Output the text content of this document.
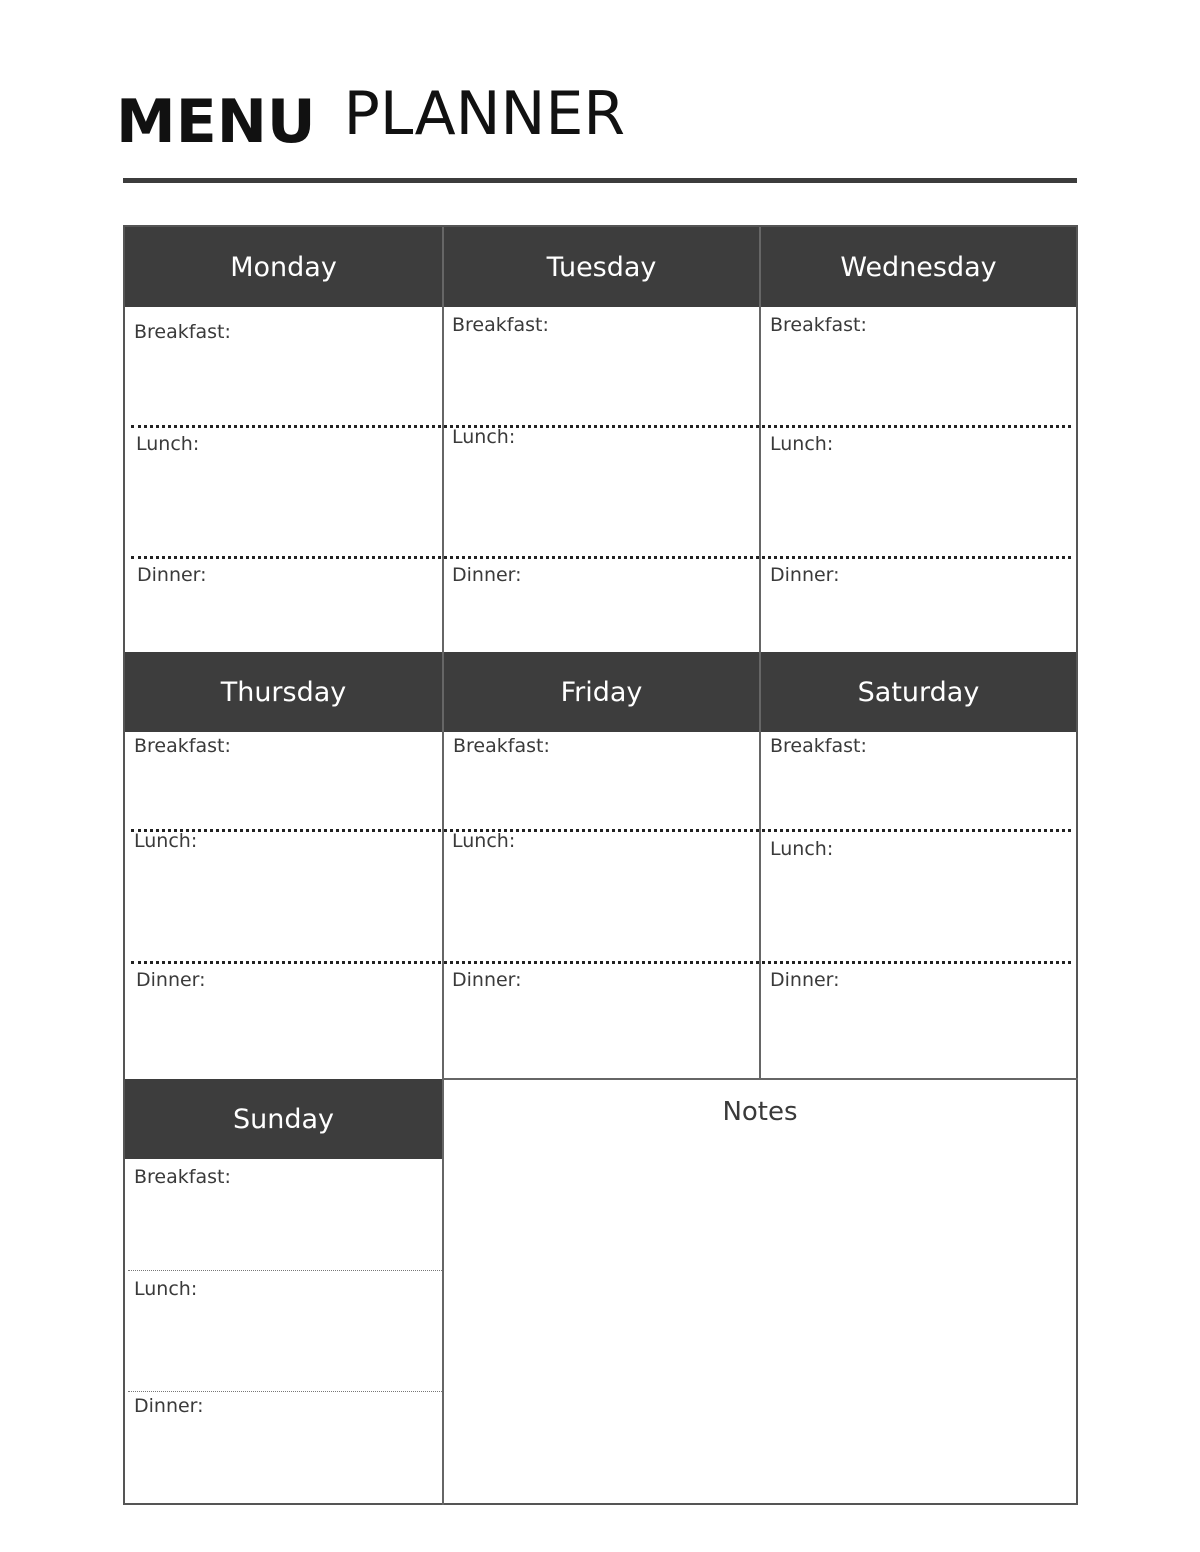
MENU PLANNER
Monday	Tuesday	Wednesday
Breakfast:	Breakfast:	Breakfast:
Lunch:	Lunch:	Lunch:
Dinner:	Dinner:	Dinner:
Thursday	Friday	Saturday
Breakfast:	Breakfast:	Breakfast:
Lunch:	Lunch:	Lunch:
Dinner:	Dinner:	Dinner:
Sunday
Breakfast:
Lunch:
Dinner:
Notes
